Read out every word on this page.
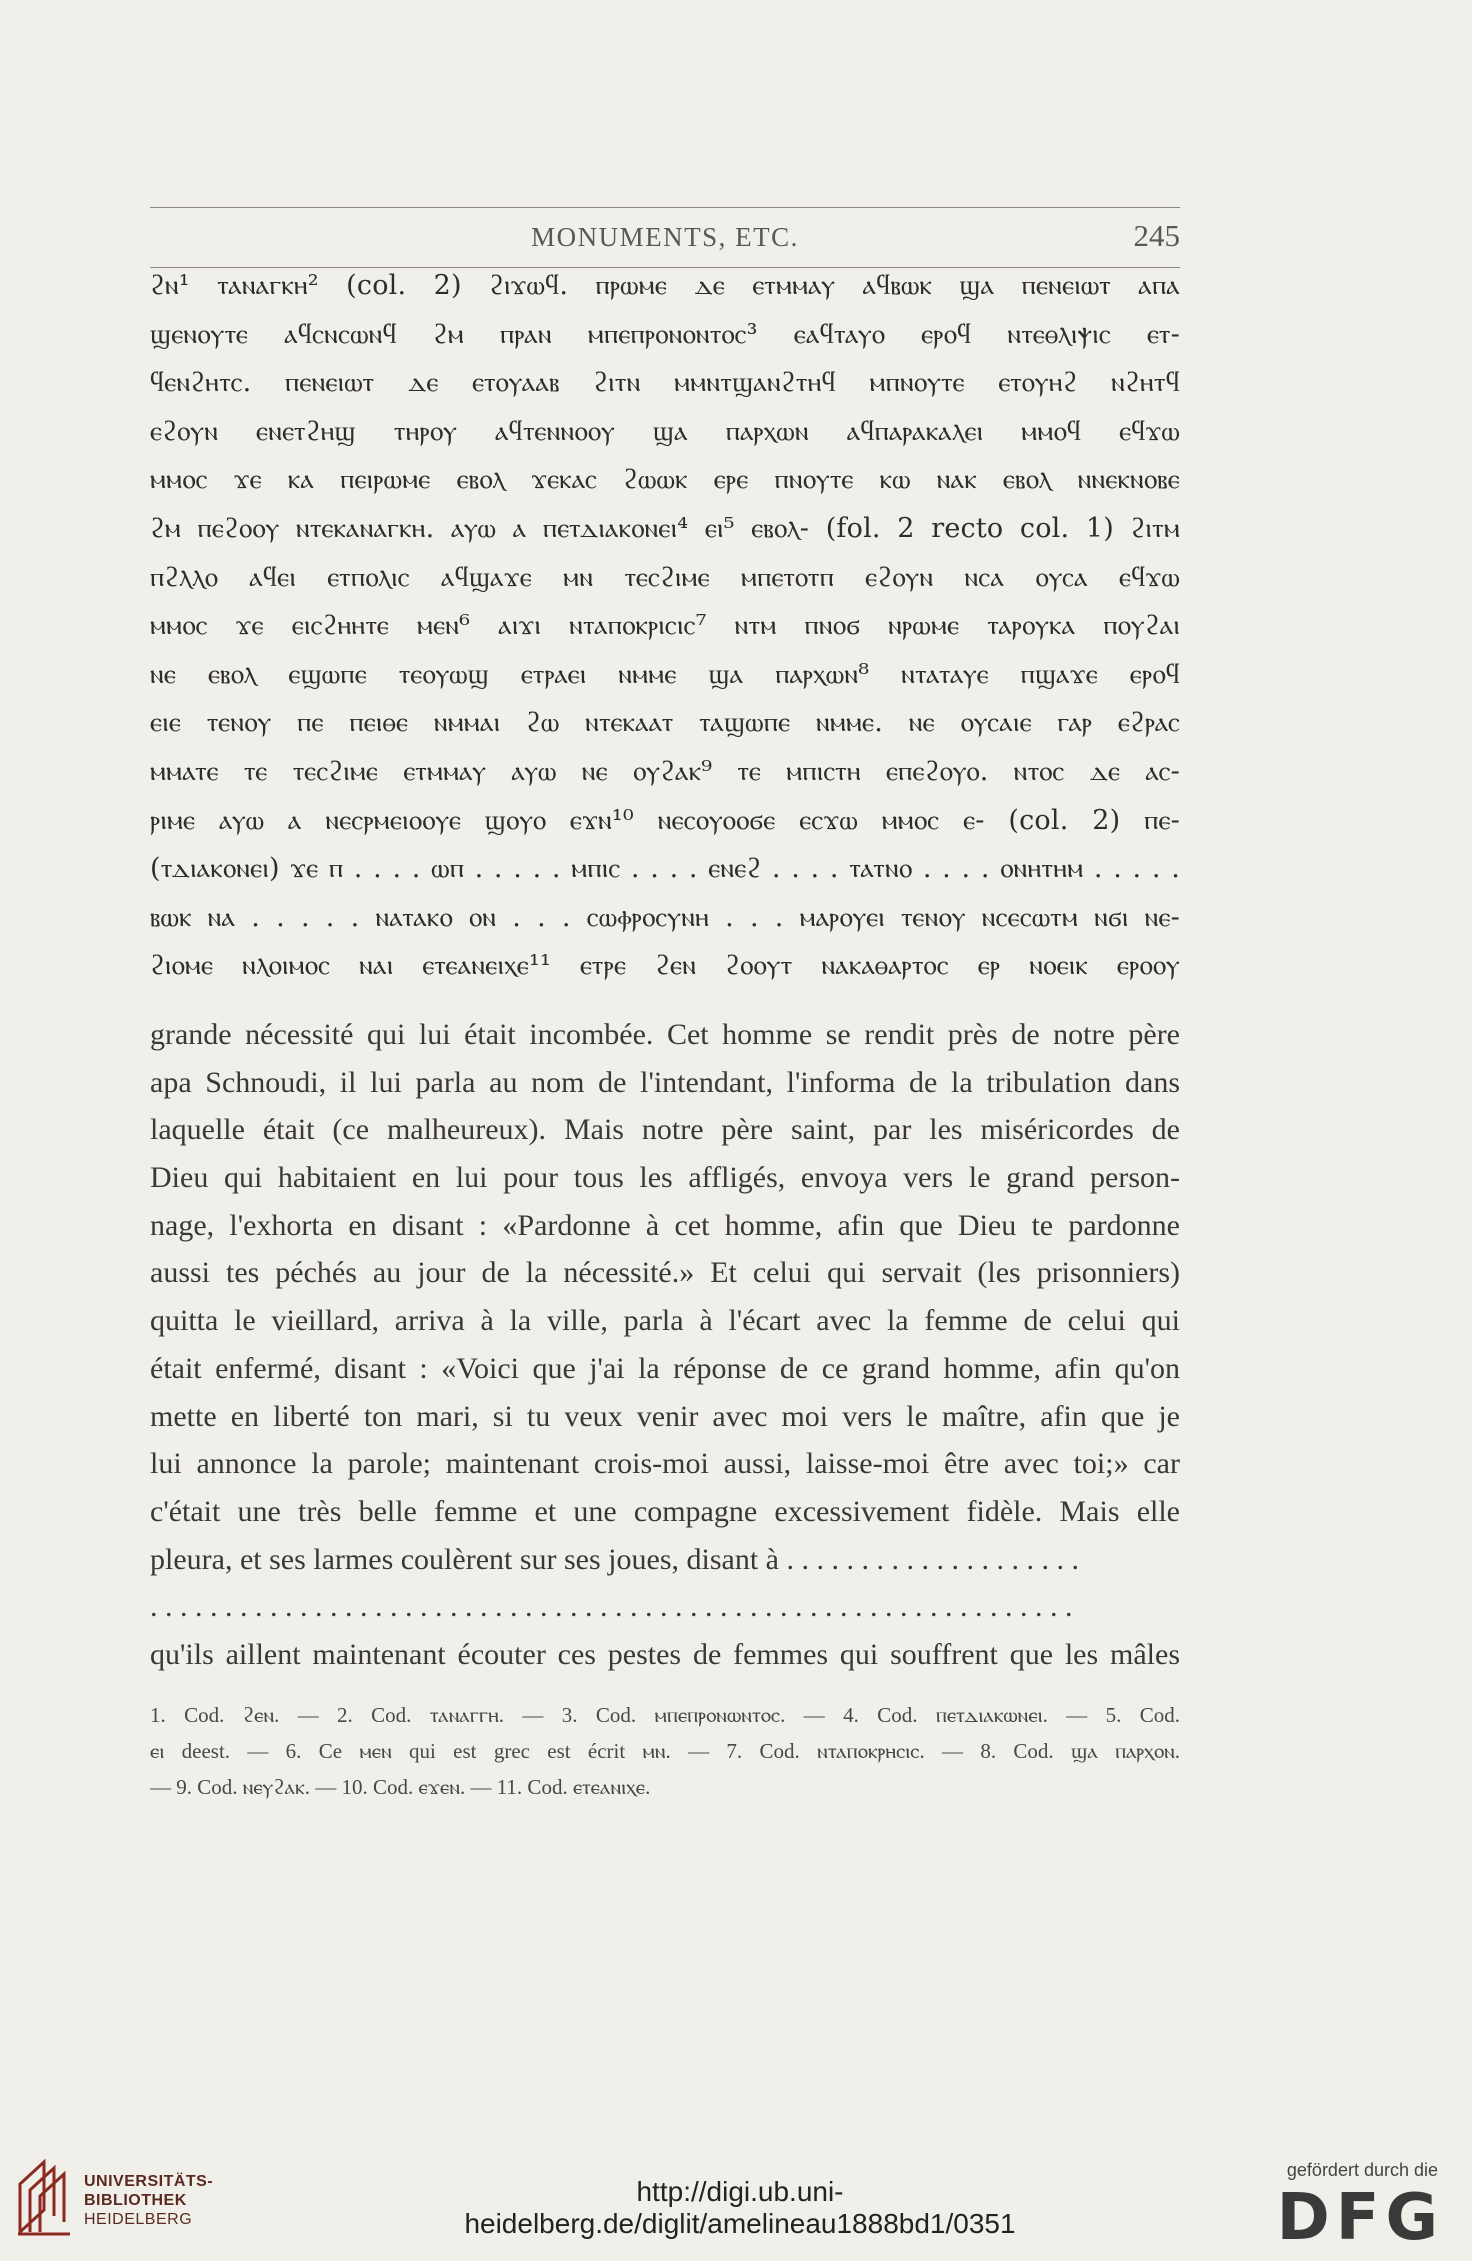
MONUMENTS, ETC.	245
ϩⲛ¹ ⲧⲁⲛⲁⲅⲕⲏ² (col. 2) ϩⲓϫⲱϥ. ⲡⲣⲱⲙⲉ ⲇⲉ ⲉⲧⲙⲙⲁⲩ ⲁϥⲃⲱⲕ ϣⲁ ⲡⲉⲛⲉⲓⲱⲧ ⲁⲡⲁ
ϣⲉⲛⲟⲩⲧⲉ ⲁϥⲥⲛⲥⲱⲛϥ ϩⲙ ⲡⲣⲁⲛ ⲙⲡⲉⲡⲣⲟⲛⲟⲛⲧⲟⲥ³ ⲉⲁϥⲧⲁⲩⲟ ⲉⲣⲟϥ ⲛⲧⲉⲑⲗⲓⲯⲓⲥ ⲉⲧ-
ϥⲉⲛϩⲏⲧⲥ. ⲡⲉⲛⲉⲓⲱⲧ ⲇⲉ ⲉⲧⲟⲩⲁⲁⲃ ϩⲓⲧⲛ ⲙⲙⲛⲧϣⲁⲛϩⲧⲏϥ ⲙⲡⲛⲟⲩⲧⲉ ⲉⲧⲟⲩⲏϩ ⲛϩⲏⲧϥ
ⲉϩⲟⲩⲛ ⲉⲛⲉⲧϩⲏϣ ⲧⲏⲣⲟⲩ ⲁϥⲧⲉⲛⲛⲟⲟⲩ ϣⲁ ⲡⲁⲣⲭⲱⲛ ⲁϥⲡⲁⲣⲁⲕⲁⲗⲉⲓ ⲙⲙⲟϥ ⲉϥϫⲱ
ⲙⲙⲟⲥ ϫⲉ ⲕⲁ ⲡⲉⲓⲣⲱⲙⲉ ⲉⲃⲟⲗ ϫⲉⲕⲁⲥ ϩⲱⲱⲕ ⲉⲣⲉ ⲡⲛⲟⲩⲧⲉ ⲕⲱ ⲛⲁⲕ ⲉⲃⲟⲗ ⲛⲛⲉⲕⲛⲟⲃⲉ
ϩⲙ ⲡⲉϩⲟⲟⲩ ⲛⲧⲉⲕⲁⲛⲁⲅⲕⲏ. ⲁⲩⲱ ⲁ ⲡⲉⲧⲇⲓⲁⲕⲟⲛⲉⲓ⁴ ⲉⲓ⁵ ⲉⲃⲟⲗ- (fol. 2 recto col. 1) ϩⲓⲧⲙ
ⲡϩⲗⲗⲟ ⲁϥⲉⲓ ⲉⲧⲡⲟⲗⲓⲥ ⲁϥϣⲁϫⲉ ⲙⲛ ⲧⲉⲥϩⲓⲙⲉ ⲙⲡⲉⲧⲟⲧⲡ ⲉϩⲟⲩⲛ ⲛⲥⲁ ⲟⲩⲥⲁ ⲉϥϫⲱ
ⲙⲙⲟⲥ ϫⲉ ⲉⲓⲥϩⲏⲏⲧⲉ ⲙⲉⲛ⁶ ⲁⲓϫⲓ ⲛⲧⲁⲡⲟⲕⲣⲓⲥⲓⲥ⁷ ⲛⲧⲙ ⲡⲛⲟϭ ⲛⲣⲱⲙⲉ ⲧⲁⲣⲟⲩⲕⲁ ⲡⲟⲩϩⲁⲓ
ⲛⲉ ⲉⲃⲟⲗ ⲉϣⲱⲡⲉ ⲧⲉⲟⲩⲱϣ ⲉⲧⲣⲁⲉⲓ ⲛⲙⲙⲉ ϣⲁ ⲡⲁⲣⲭⲱⲛ⁸ ⲛⲧⲁⲧⲁⲩⲉ ⲡϣⲁϫⲉ ⲉⲣⲟϥ
ⲉⲓⲉ ⲧⲉⲛⲟⲩ ⲡⲉ ⲡⲉⲓⲑⲉ ⲛⲙⲙⲁⲓ ϩⲱ ⲛⲧⲉⲕⲁⲁⲧ ⲧⲁϣⲱⲡⲉ ⲛⲙⲙⲉ. ⲛⲉ ⲟⲩⲥⲁⲓⲉ ⲅⲁⲣ ⲉϩⲣⲁⲥ
ⲙⲙⲁⲧⲉ ⲧⲉ ⲧⲉⲥϩⲓⲙⲉ ⲉⲧⲙⲙⲁⲩ ⲁⲩⲱ ⲛⲉ ⲟⲩϩⲁⲕ⁹ ⲧⲉ ⲙⲡⲓⲥⲧⲏ ⲉⲡⲉϩⲟⲩⲟ. ⲛⲧⲟⲥ ⲇⲉ ⲁⲥ-
ⲣⲓⲙⲉ ⲁⲩⲱ ⲁ ⲛⲉⲥⲣⲙⲉⲓⲟⲟⲩⲉ ϣⲟⲩⲟ ⲉϫⲛ¹⁰ ⲛⲉⲥⲟⲩⲟⲟϭⲉ ⲉⲥϫⲱ ⲙⲙⲟⲥ ⲉ- (col. 2) ⲡⲉ-
(ⲧⲇⲓⲁⲕⲟⲛⲉⲓ) ϫⲉ ⲡ . . . . ⲱⲡ . . . . . ⲙⲡⲓⲥ . . . . ⲉⲛⲉϩ . . . . ⲧⲁⲧⲛⲟ . . . . ⲟⲛⲏⲧⲏⲙ . . . . .
ⲃⲱⲕ ⲛⲁ . . . . . ⲛⲁⲧⲁⲕⲟ ⲟⲛ . . . ⲥⲱⲫⲣⲟⲥⲩⲛⲏ . . . ⲙⲁⲣⲟⲩⲉⲓ ⲧⲉⲛⲟⲩ ⲛⲥⲉⲥⲱⲧⲙ ⲛϭⲓ ⲛⲉ-
ϩⲓⲟⲙⲉ ⲛⲗⲟⲓⲙⲟⲥ ⲛⲁⲓ ⲉⲧⲉⲁⲛⲉⲓⲭⲉ¹¹ ⲉⲧⲣⲉ ϩⲉⲛ ϩⲟⲟⲩⲧ ⲛⲁⲕⲁⲑⲁⲣⲧⲟⲥ ⲉⲣ ⲛⲟⲉⲓⲕ ⲉⲣⲟⲟⲩ
grande nécessité qui lui était incombée. Cet homme se rendit près de notre père
apa Schnoudi, il lui parla au nom de l'intendant, l'informa de la tribulation dans
laquelle était (ce malheureux). Mais notre père saint, par les miséricordes de
Dieu qui habitaient en lui pour tous les affligés, envoya vers le grand person-
nage, l'exhorta en disant : «Pardonne à cet homme, afin que Dieu te pardonne
aussi tes péchés au jour de la nécessité.» Et celui qui servait (les prisonniers)
quitta le vieillard, arriva à la ville, parla à l'écart avec la femme de celui qui
était enfermé, disant : «Voici que j'ai la réponse de ce grand homme, afin qu'on
mette en liberté ton mari, si tu veux venir avec moi vers le maître, afin que je
lui annonce la parole; maintenant crois-moi aussi, laisse-moi être avec toi;» car
c'était une très belle femme et une compagne excessivement fidèle. Mais elle
pleura, et ses larmes coulèrent sur ses joues, disant à . . . . . . . . . . . . . . . . . . . .
. . . . . . . . . . . . . . . . . . . . . . . . . . . . . . . . . . . . . . . . . . . . . . . . . . . . . . . . . . . . . .
qu'ils aillent maintenant écouter ces pestes de femmes qui souffrent que les mâles
1. Cod. ϩⲉⲛ. — 2. Cod. ⲧⲁⲛⲁⲅⲅⲏ. — 3. Cod. ⲙⲡⲉⲡⲣⲟⲛⲱⲛⲧⲟⲥ. — 4. Cod. ⲡⲉⲧⲇⲓⲁⲕⲱⲛⲉⲓ. — 5. Cod.
ⲉⲓ deest. — 6. Ce ⲙⲉⲛ qui est grec est écrit ⲙⲛ. — 7. Cod. ⲛⲧⲁⲡⲟⲕⲣⲏⲥⲓⲥ. — 8. Cod. ϣⲁ ⲡⲁⲣⲭⲟⲛ.
— 9. Cod. ⲛⲉⲩϩⲁⲕ. — 10. Cod. ⲉϫⲉⲛ. — 11. Cod. ⲉⲧⲉⲁⲛⲓⲭⲉ.
UNIVERSITÄTS-
BIBLIOTHEK
HEIDELBERG
http://digi.ub.uni-heidelberg.de/diglit/amelineau1888bd1/0351
gefördert durch die
DFG
